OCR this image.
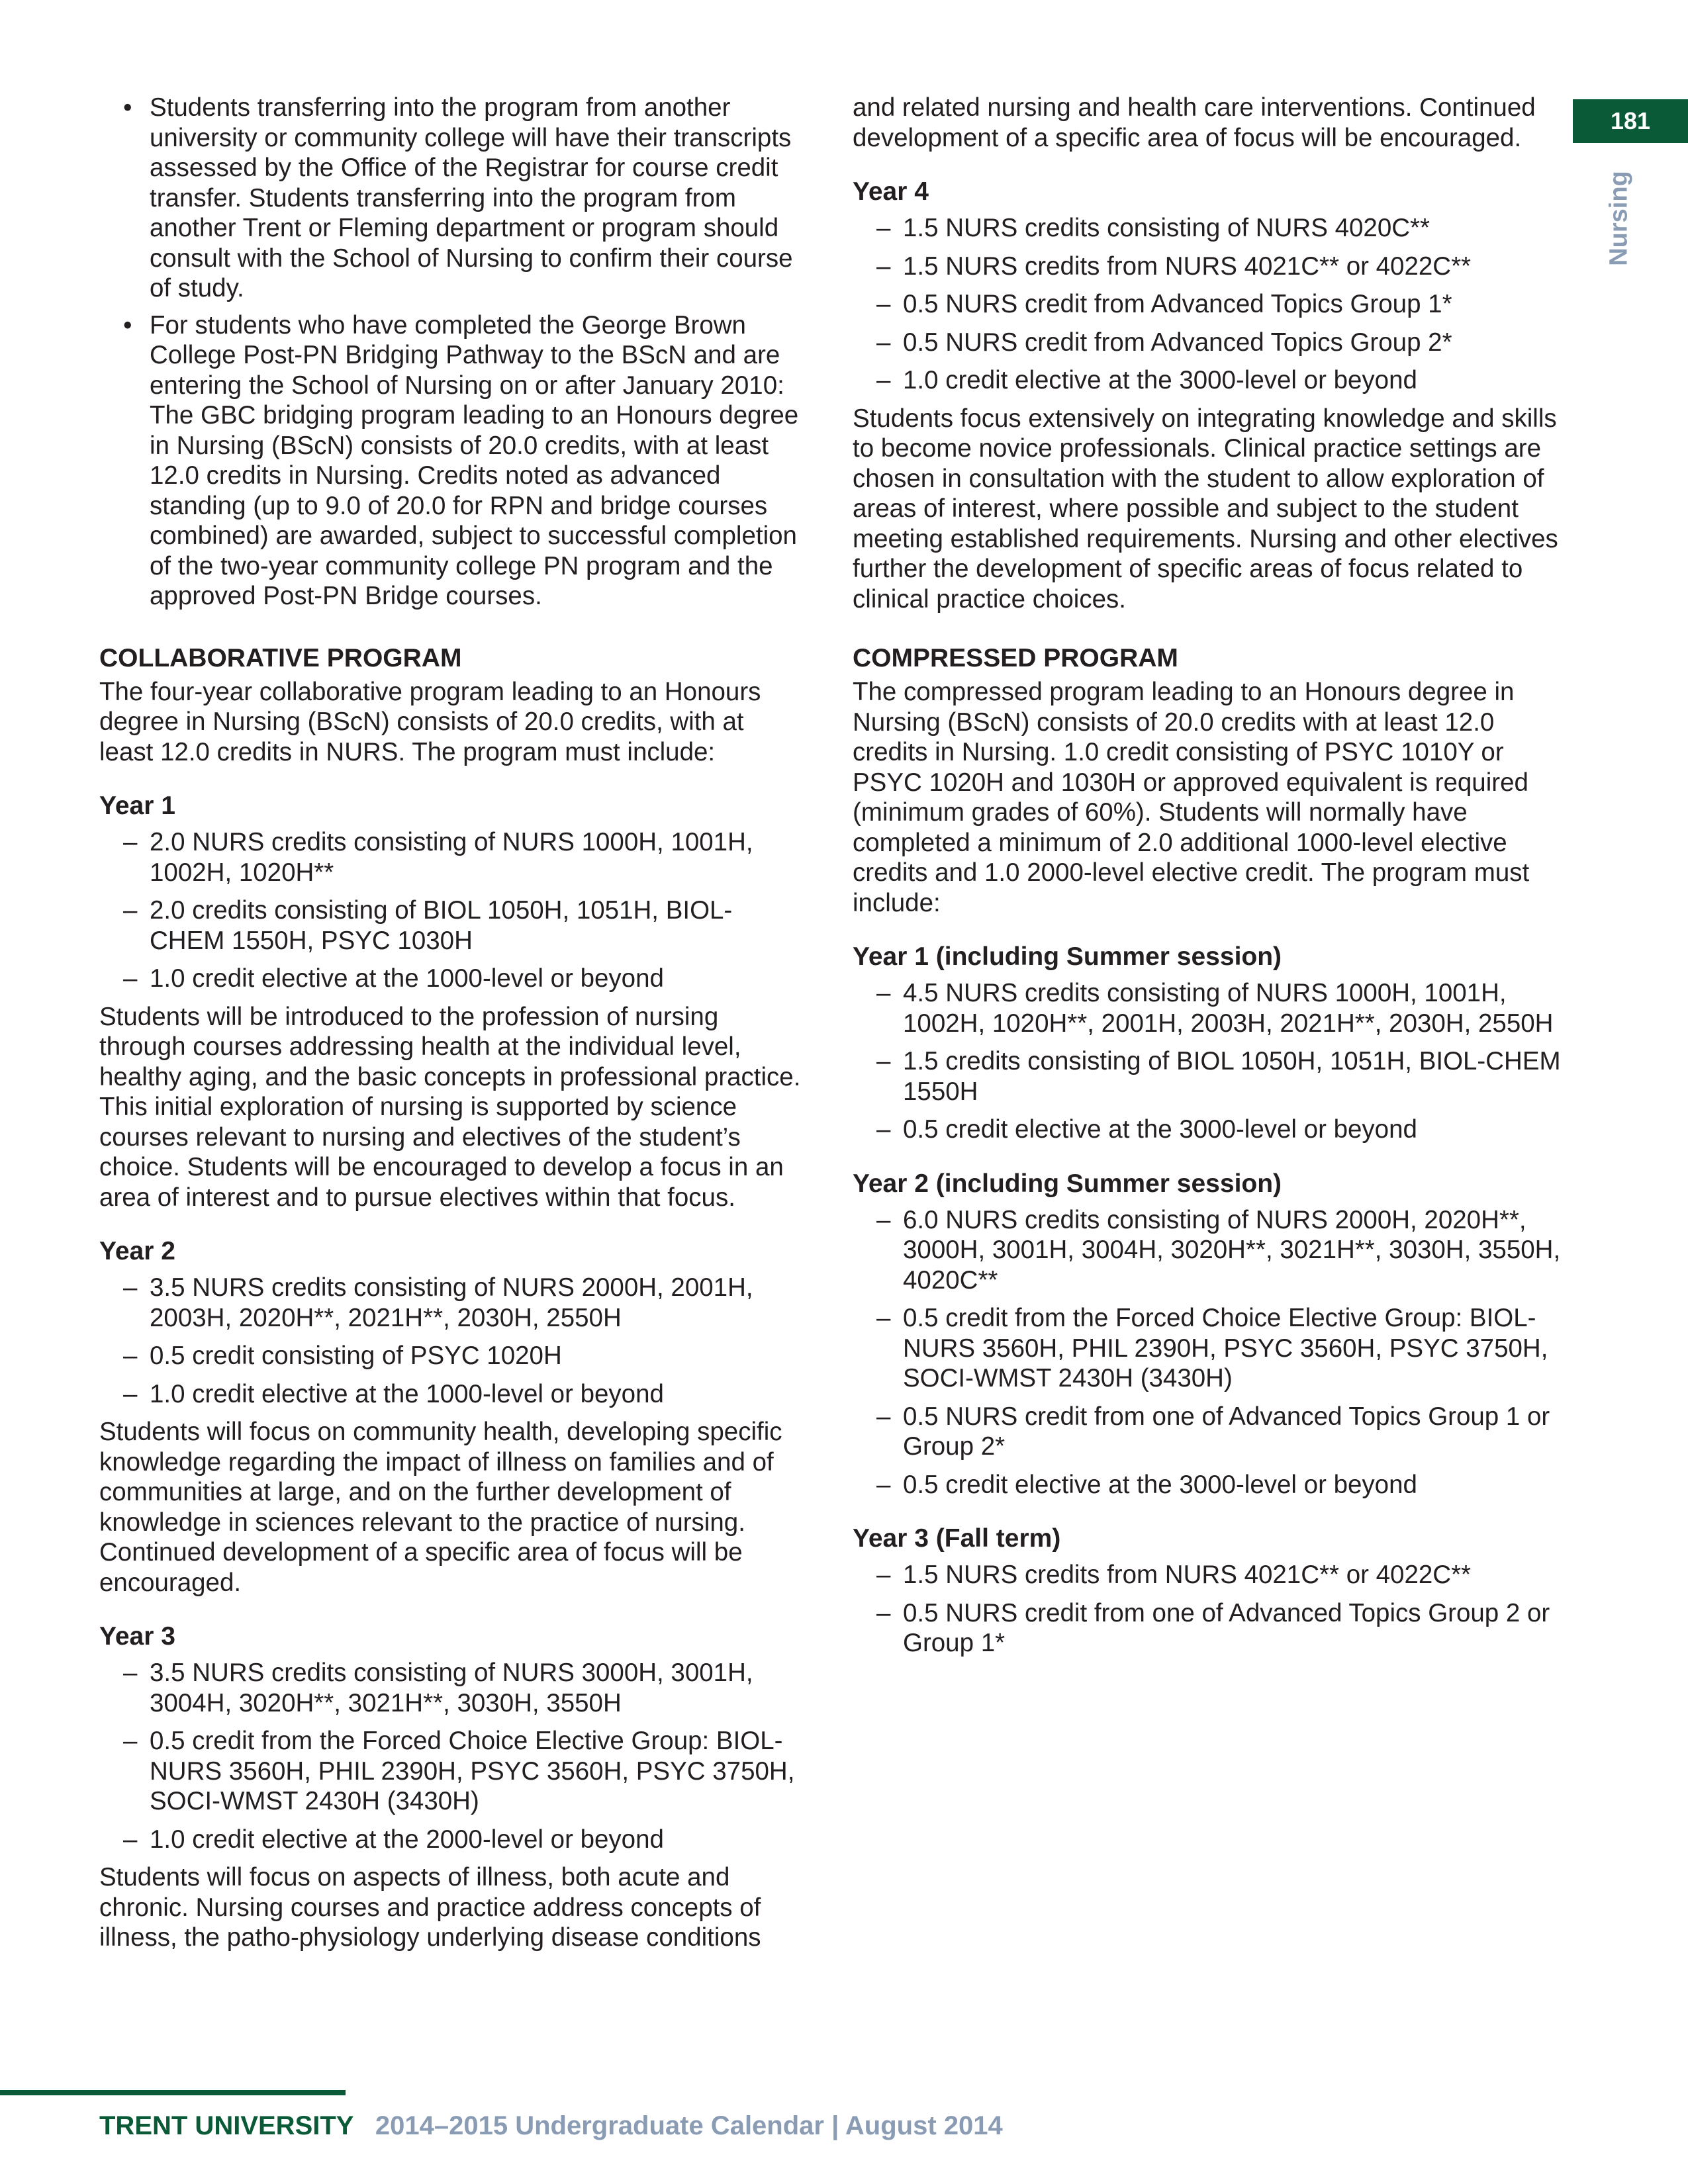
181
Nursing
• Students transferring into the program from another university or community college will have their transcripts assessed by the Office of the Registrar for course credit transfer. Students transferring into the program from another Trent or Fleming department or program should consult with the School of Nursing to confirm their course of study.
• For students who have completed the George Brown College Post-PN Bridging Pathway to the BScN and are entering the School of Nursing on or after January 2010: The GBC bridging program leading to an Honours degree in Nursing (BScN) consists of 20.0 credits, with at least 12.0 credits in Nursing. Credits noted as advanced standing (up to 9.0 of 20.0 for RPN and bridge courses combined) are awarded, subject to successful completion of the two-year community college PN program and the approved Post-PN Bridge courses.
COLLABORATIVE PROGRAM

The four-year collaborative program leading to an Honours degree in Nursing (BScN) consists of 20.0 credits, with at least 12.0 credits in NURS. The program must include:

Year 1
– 2.0 NURS credits consisting of NURS 1000H, 1001H, 1002H, 1020H**
– 2.0 credits consisting of BIOL 1050H, 1051H, BIOL-CHEM 1550H, PSYC 1030H
– 1.0 credit elective at the 1000-level or beyond

Students will be introduced to the profession of nursing through courses addressing health at the individual level, healthy aging, and the basic concepts in professional practice. This initial exploration of nursing is supported by science courses relevant to nursing and electives of the student’s choice. Students will be encouraged to develop a focus in an area of interest and to pursue electives within that focus.

Year 2
– 3.5 NURS credits consisting of NURS 2000H, 2001H, 2003H, 2020H**, 2021H**, 2030H, 2550H
– 0.5 credit consisting of PSYC 1020H
– 1.0 credit elective at the 1000-level or beyond

Students will focus on community health, developing specific knowledge regarding the impact of illness on families and of communities at large, and on the further development of knowledge in sciences relevant to the practice of nursing. Continued development of a specific area of focus will be encouraged.

Year 3
– 3.5 NURS credits consisting of NURS 3000H, 3001H, 3004H, 3020H**, 3021H**, 3030H, 3550H
– 0.5 credit from the Forced Choice Elective Group: BIOL-NURS 3560H, PHIL 2390H, PSYC 3560H, PSYC 3750H, SOCI-WMST 2430H (3430H)
– 1.0 credit elective at the 2000-level or beyond

Students will focus on aspects of illness, both acute and chronic. Nursing courses and practice address concepts of illness, the patho-physiology underlying disease conditions

and related nursing and health care interventions. Continued development of a specific area of focus will be encouraged.

Year 4
– 1.5 NURS credits consisting of NURS 4020C**
– 1.5 NURS credits from NURS 4021C** or 4022C**
– 0.5 NURS credit from Advanced Topics Group 1*
– 0.5 NURS credit from Advanced Topics Group 2*
– 1.0 credit elective at the 3000-level or beyond

Students focus extensively on integrating knowledge and skills to become novice professionals. Clinical practice settings are chosen in consultation with the student to allow exploration of areas of interest, where possible and subject to the student meeting established requirements. Nursing and other electives further the development of specific areas of focus related to clinical practice choices.

COMPRESSED PROGRAM

The compressed program leading to an Honours degree in Nursing (BScN) consists of 20.0 credits with at least 12.0 credits in Nursing. 1.0 credit consisting of PSYC 1010Y or PSYC 1020H and 1030H or approved equivalent is required (minimum grades of 60%). Students will normally have completed a minimum of 2.0 additional 1000-level elective credits and 1.0 2000-level elective credit. The program must include:

Year 1 (including Summer session)
– 4.5 NURS credits consisting of NURS 1000H, 1001H, 1002H, 1020H**, 2001H, 2003H, 2021H**, 2030H, 2550H
– 1.5 credits consisting of BIOL 1050H, 1051H, BIOL-CHEM 1550H
– 0.5 credit elective at the 3000-level or beyond
Year 2 (including Summer session)
– 6.0 NURS credits consisting of NURS 2000H, 2020H**, 3000H, 3001H, 3004H, 3020H**, 3021H**, 3030H, 3550H, 4020C**
– 0.5 credit from the Forced Choice Elective Group: BIOL-NURS 3560H, PHIL 2390H, PSYC 3560H, PSYC 3750H, SOCI-WMST 2430H (3430H)
– 0.5 NURS credit from one of Advanced Topics Group 1 or Group 2*
– 0.5 credit elective at the 3000-level or beyond
Year 3 (Fall term)
– 1.5 NURS credits from NURS 4021C** or 4022C**
– 0.5 NURS credit from one of Advanced Topics Group 2 or Group 1*
TRENT UNIVERSITY 2014–2015 Undergraduate Calendar | August 2014
